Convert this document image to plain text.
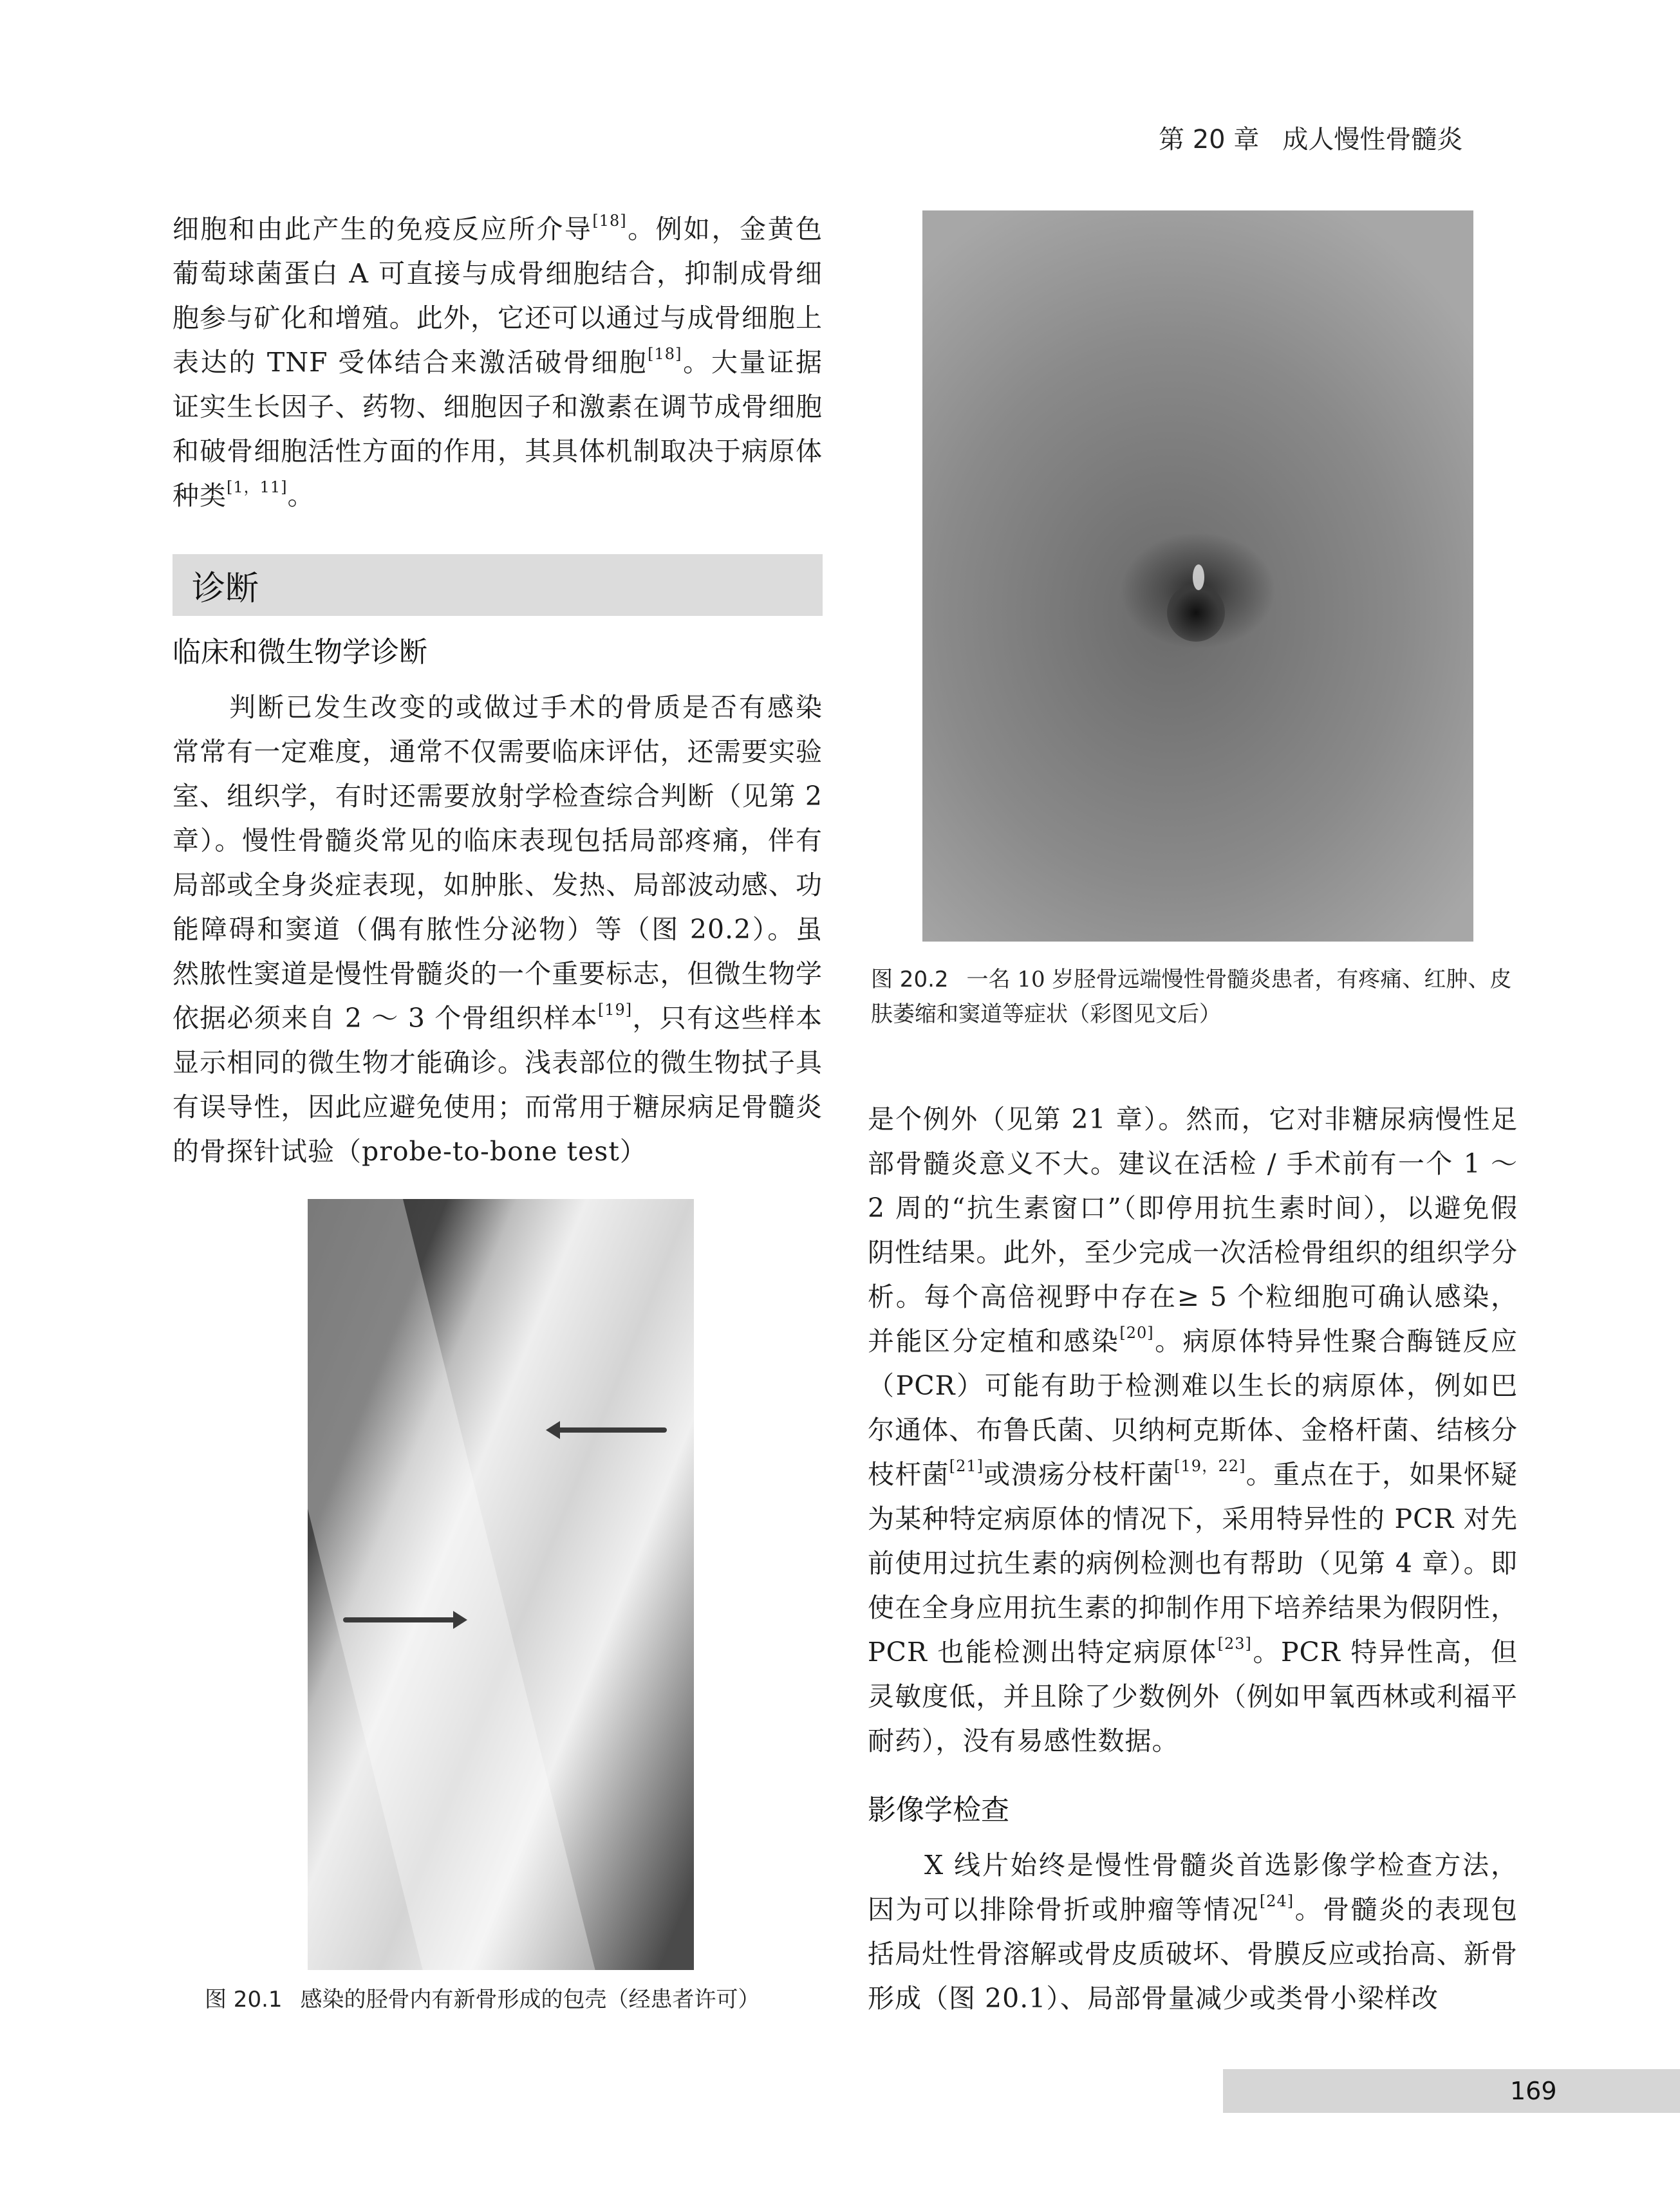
第 20 章 成人慢性骨髓炎

细胞和由此产生的免疫反应所介导[18]。例如，金黄色葡萄球菌蛋白 A 可直接与成骨细胞结合，抑制成骨细胞参与矿化和增殖。此外，它还可以通过与成骨细胞上表达的 TNF 受体结合来激活破骨细胞[18]。大量证据证实生长因子、药物、细胞因子和激素在调节成骨细胞和破骨细胞活性方面的作用，其具体机制取决于病原体种类[1，11]。

诊断
临床和微生物学诊断

判断已发生改变的或做过手术的骨质是否有感染常常有一定难度，通常不仅需要临床评估，还需要实验室、组织学，有时还需要放射学检查综合判断（见第 2 章）。慢性骨髓炎常见的临床表现包括局部疼痛，伴有局部或全身炎症表现，如肿胀、发热、局部波动感、功能障碍和窦道（偶有脓性分泌物）等（图 20.2）。虽然脓性窦道是慢性骨髓炎的一个重要标志，但微生物学依据必须来自 2 ～ 3 个骨组织样本[19]，只有这些样本显示相同的微生物才能确诊。浅表部位的微生物拭子具有误导性，因此应避免使用；而常用于糖尿病足骨髓炎的骨探针试验（probe-to-bone test）

图 20.2 一名 10 岁胫骨远端慢性骨髓炎患者，有疼痛、红肿、皮肤萎缩和窦道等症状（彩图见文后）

是个例外（见第 21 章）。然而，它对非糖尿病慢性足部骨髓炎意义不大。建议在活检 / 手术前有一个 1 ～ 2 周的“抗生素窗口”（即停用抗生素时间），以避免假阴性结果。此外，至少完成一次活检骨组织的组织学分析。每个高倍视野中存在≥ 5 个粒细胞可确认感染，并能区分定植和感染[20]。病原体特异性聚合酶链反应（PCR）可能有助于检测难以生长的病原体，例如巴尔通体、布鲁氏菌、贝纳柯克斯体、金格杆菌、结核分枝杆菌[21]或溃疡分枝杆菌[19，22]。重点在于，如果怀疑为某种特定病原体的情况下，采用特异性的 PCR 对先前使用过抗生素的病例检测也有帮助（见第 4 章）。即使在全身应用抗生素的抑制作用下培养结果为假阴性，PCR 也能检测出特定病原体[23]。PCR 特异性高，但灵敏度低，并且除了少数例外（例如甲氧西林或利福平耐药），没有易感性数据。

影像学检查

X 线片始终是慢性骨髓炎首选影像学检查方法，因为可以排除骨折或肿瘤等情况[24]。骨髓炎的表现包括局灶性骨溶解或骨皮质破坏、骨膜反应或抬高、新骨形成（图 20.1）、局部骨量减少或类骨小梁样改

图 20.1 感染的胫骨内有新骨形成的包壳（经患者许可）
169
